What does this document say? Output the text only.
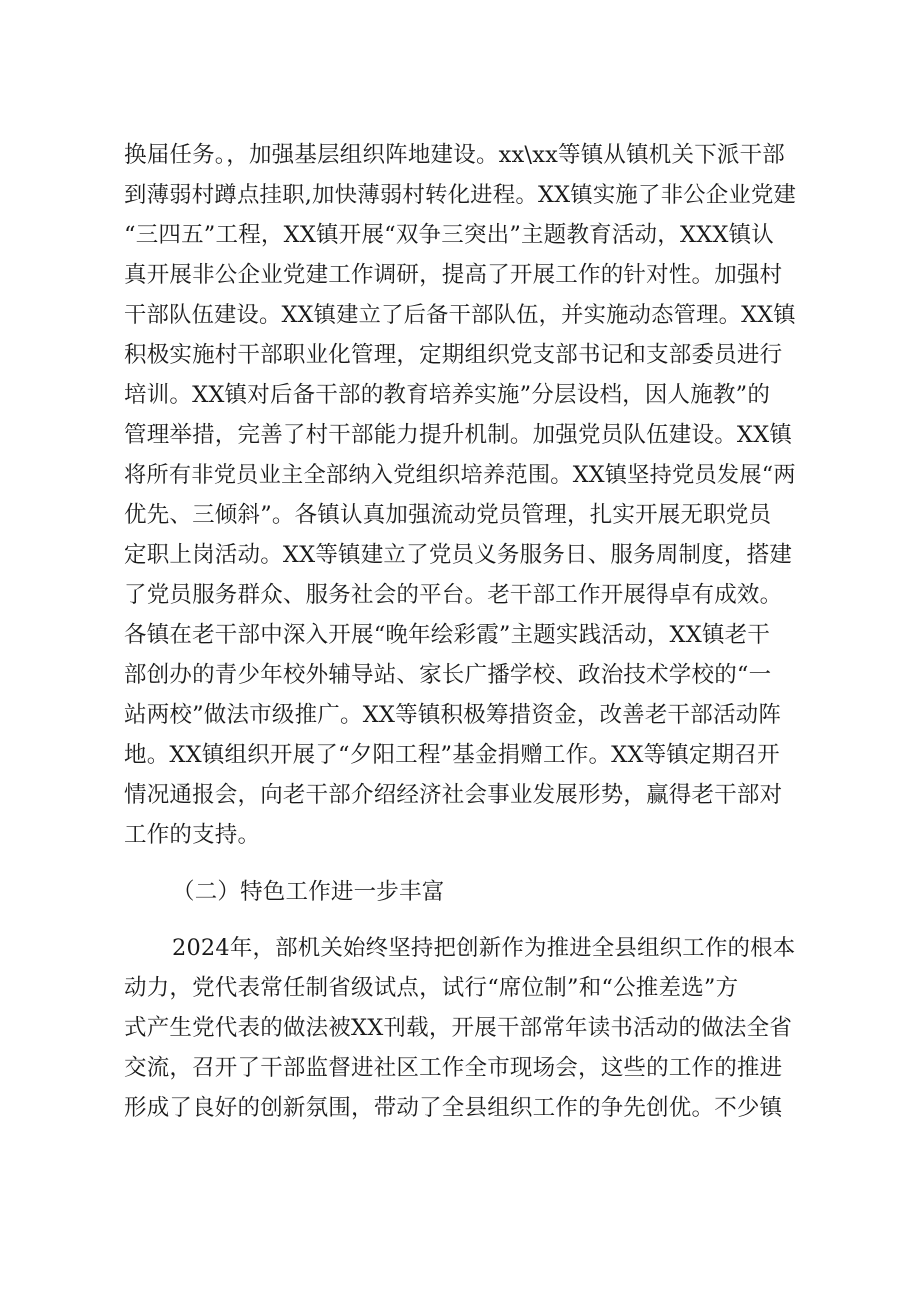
换届任务。，加强基层组织阵地建设。xx\xx等镇从镇机关下派干部
到薄弱村蹲点挂职,加快薄弱村转化进程。XX镇实施了非公企业党建
“三四五”工程，XX镇开展“双争三突出”主题教育活动，XXX镇认
真开展非公企业党建工作调研，提高了开展工作的针对性。加强村
干部队伍建设。XX镇建立了后备干部队伍，并实施动态管理。XX镇
积极实施村干部职业化管理，定期组织党支部书记和支部委员进行
培训。XX镇对后备干部的教育培养实施”分层设档，因人施教”的
管理举措，完善了村干部能力提升机制。加强党员队伍建设。XX镇
将所有非党员业主全部纳入党组织培养范围。XX镇坚持党员发展“两
优先、三倾斜”。各镇认真加强流动党员管理，扎实开展无职党员
定职上岗活动。XX等镇建立了党员义务服务日、服务周制度，搭建
了党员服务群众、服务社会的平台。老干部工作开展得卓有成效。
各镇在老干部中深入开展“晚年绘彩霞”主题实践活动，XX镇老干
部创办的青少年校外辅导站、家长广播学校、政治技术学校的“一
站两校”做法市级推广。XX等镇积极筹措资金，改善老干部活动阵
地。XX镇组织开展了“夕阳工程”基金捐赠工作。XX等镇定期召开
情况通报会，向老干部介绍经济社会事业发展形势，赢得老干部对
工作的支持。
（二）特色工作进一步丰富
2024年，部机关始终坚持把创新作为推进全县组织工作的根本
动力，党代表常任制省级试点，试行“席位制”和“公推差选”方
式产生党代表的做法被XX刊载，开展干部常年读书活动的做法全省
交流，召开了干部监督进社区工作全市现场会，这些的工作的推进
形成了良好的创新氛围，带动了全县组织工作的争先创优。不少镇
